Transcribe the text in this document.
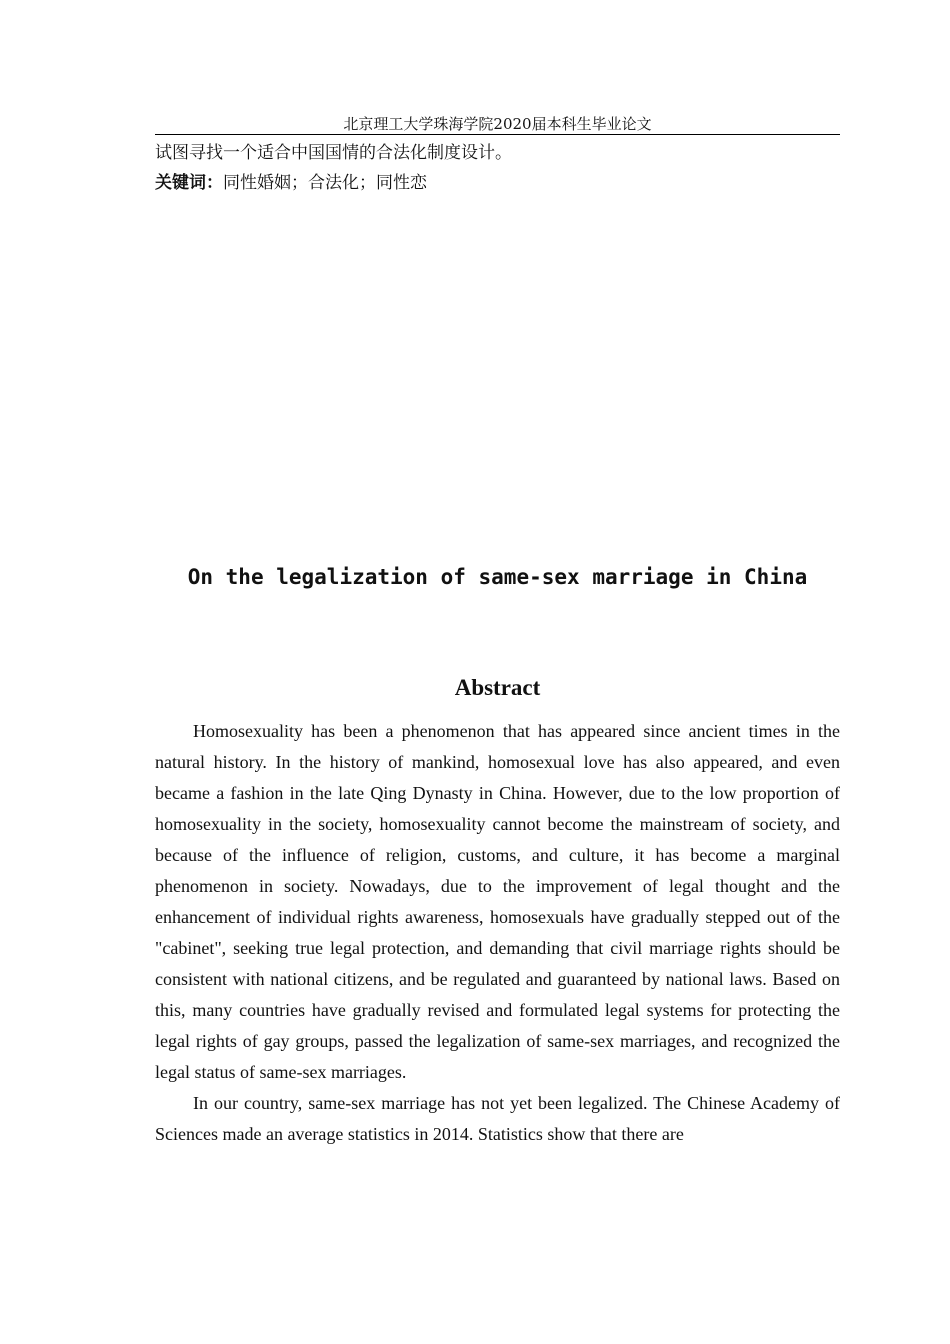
北京理工大学珠海学院2020届本科生毕业论文

试图寻找一个适合中国国情的合法化制度设计。

关键词：同性婚姻；合法化；同性恋

On the legalization of same-sex marriage in China
Abstract

Homosexuality has been a phenomenon that has appeared since ancient times in the natural history. In the history of mankind, homosexual love has also appeared, and even became a fashion in the late Qing Dynasty in China. However, due to the low proportion of homosexuality in the society, homosexuality cannot become the mainstream of society, and because of the influence of religion, customs, and culture, it has become a marginal phenomenon in society. Nowadays, due to the improvement of legal thought and the enhancement of individual rights awareness, homosexuals have gradually stepped out of the "cabinet", seeking true legal protection, and demanding that civil marriage rights should be consistent with national citizens, and be regulated and guaranteed by national laws. Based on this, many countries have gradually revised and formulated legal systems for protecting the legal rights of gay groups, passed the legalization of same-sex marriages, and recognized the legal status of same-sex marriages.

In our country, same-sex marriage has not yet been legalized. The Chinese Academy of Sciences made an average statistics in 2014. Statistics show that there are
